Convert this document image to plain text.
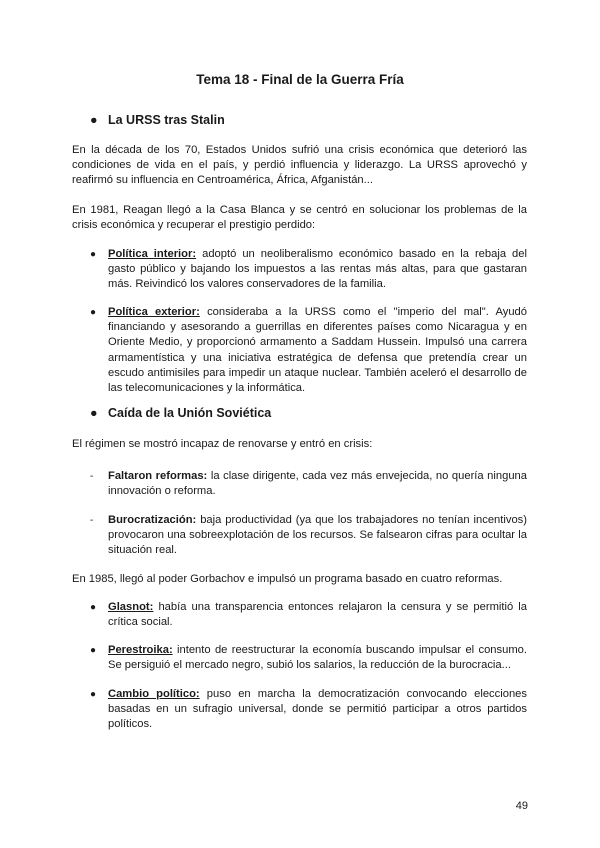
Tema 18 - Final de la Guerra Fría
● La URSS tras Stalin
En la década de los 70, Estados Unidos sufrió una crisis económica que deterioró las condiciones de vida en el país, y perdió influencia y liderazgo. La URSS aprovechó y reafirmó su influencia en Centroamérica, África, Afganistán...
En 1981, Reagan llegó a la Casa Blanca y se centró en solucionar los problemas de la crisis económica y recuperar el prestigio perdido:
●	Política interior: adoptó un neoliberalismo económico basado en la rebaja del gasto público y bajando los impuestos a las rentas más altas, para que gastaran más. Reivindicó los valores conservadores de la familia.
●	Política exterior: consideraba a la URSS como el "imperio del mal". Ayudó financiando y asesorando a guerrillas en diferentes países como Nicaragua y en Oriente Medio, y proporcionó armamento a Saddam Hussein. Impulsó una carrera armamentística y una iniciativa estratégica de defensa que pretendía crear un escudo antimisiles para impedir un ataque nuclear. También aceleró el desarrollo de las telecomunicaciones y la informática.
● Caída de la Unión Soviética
El régimen se mostró incapaz de renovarse y entró en crisis:
-	Faltaron reformas: la clase dirigente, cada vez más envejecida, no quería ninguna innovación o reforma.
-	Burocratización: baja productividad (ya que los trabajadores no tenían incentivos) provocaron una sobreexplotación de los recursos. Se falsearon cifras para ocultar la situación real.
En 1985, llegó al poder Gorbachov e impulsó un programa basado en cuatro reformas.
●	Glasnot: había una transparencia entonces relajaron la censura y se permitió la crítica social.
●	Perestroika: intento de reestructurar la economía buscando impulsar el consumo. Se persiguió el mercado negro, subió los salarios, la reducción de la burocracia...
●	Cambio político: puso en marcha la democratización convocando elecciones basadas en un sufragio universal, donde se permitió participar a otros partidos políticos.
49
